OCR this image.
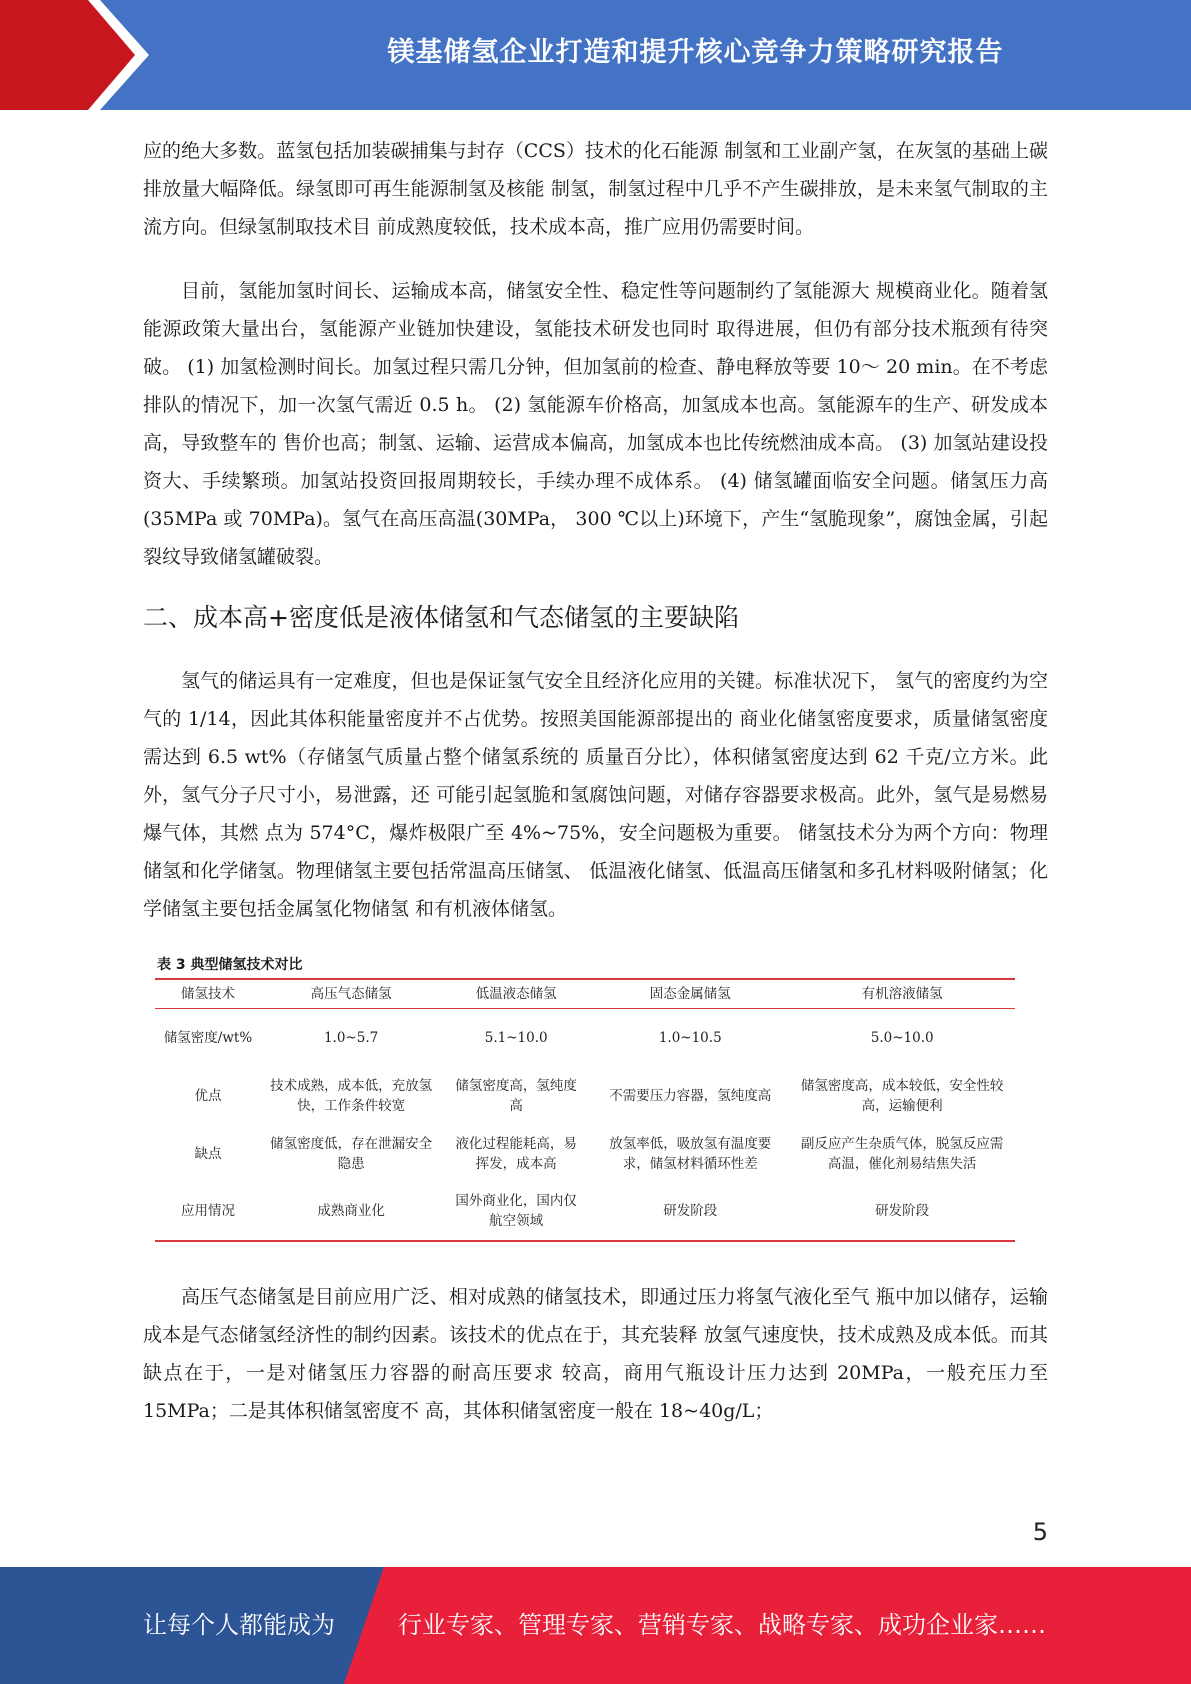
镁基储氢企业打造和提升核心竞争力策略研究报告

应的绝大多数。蓝氢包括加装碳捕集与封存（CCS）技术的化石能源 制氢和工业副产氢，在灰氢的基础上碳排放量大幅降低。绿氢即可再生能源制氢及核能 制氢，制氢过程中几乎不产生碳排放，是未来氢气制取的主流方向。但绿氢制取技术目 前成熟度较低，技术成本高，推广应用仍需要时间。

目前，氢能加氢时间长、运输成本高，储氢安全性、稳定性等问题制约了氢能源大 规模商业化。随着氢能源政策大量出台，氢能源产业链加快建设，氢能技术研发也同时 取得进展，但仍有部分技术瓶颈有待突破。 (1) 加氢检测时间长。加氢过程只需几分钟，但加氢前的检查、静电释放等要 10～ 20 min。在不考虑排队的情况下，加一次氢气需近 0.5 h。 (2) 氢能源车价格高，加氢成本也高。氢能源车的生产、研发成本高，导致整车的 售价也高；制氢、运输、运营成本偏高，加氢成本也比传统燃油成本高。 (3) 加氢站建设投资大、手续繁琐。加氢站投资回报周期较长，手续办理不成体系。 (4) 储氢罐面临安全问题。储氢压力高(35MPa 或 70MPa)。氢气在高压高温(30MPa， 300 ℃以上)环境下，产生“氢脆现象”，腐蚀金属，引起裂纹导致储氢罐破裂。

二、成本高+密度低是液体储氢和气态储氢的主要缺陷

氢气的储运具有一定难度，但也是保证氢气安全且经济化应用的关键。标准状况下， 氢气的密度约为空气的 1/14，因此其体积能量密度并不占优势。按照美国能源部提出的 商业化储氢密度要求，质量储氢密度需达到 6.5 wt%（存储氢气质量占整个储氢系统的 质量百分比），体积储氢密度达到 62 千克/立方米。此外，氢气分子尺寸小，易泄露，还 可能引起氢脆和氢腐蚀问题，对储存容器要求极高。此外，氢气是易燃易爆气体，其燃 点为 574°C，爆炸极限广至 4%~75%，安全问题极为重要。 储氢技术分为两个方向：物理储氢和化学储氢。物理储氢主要包括常温高压储氢、 低温液化储氢、低温高压储氢和多孔材料吸附储氢；化学储氢主要包括金属氢化物储氢 和有机液体储氢。

表 3 典型储氢技术对比
储氢技术	高压气态储氢	低温液态储氢	固态金属储氢	有机溶液储氢
储氢密度/wt%	1.0~5.7	5.1~10.0	1.0~10.5	5.0~10.0
优点	技术成熟，成本低，充放氢快，工作条件较宽	储氢密度高，氢纯度高	不需要压力容器，氢纯度高	储氢密度高，成本较低，安全性较高，运输便利
缺点	储氢密度低，存在泄漏安全隐患	液化过程能耗高，易挥发，成本高	放氢率低，吸放氢有温度要求，储氢材料循环性差	副反应产生杂质气体，脱氢反应需高温，催化剂易结焦失活
应用情况	成熟商业化	国外商业化，国内仅航空领域	研发阶段	研发阶段

高压气态储氢是目前应用广泛、相对成熟的储氢技术，即通过压力将氢气液化至气 瓶中加以储存，运输成本是气态储氢经济性的制约因素。该技术的优点在于，其充装释 放氢气速度快，技术成熟及成本低。而其缺点在于，一是对储氢压力容器的耐高压要求 较高，商用气瓶设计压力达到 20MPa，一般充压力至 15MPa；二是其体积储氢密度不 高，其体积储氢密度一般在 18~40g/L；

5
让每个人都能成为	行业专家、管理专家、营销专家、战略专家、成功企业家……
